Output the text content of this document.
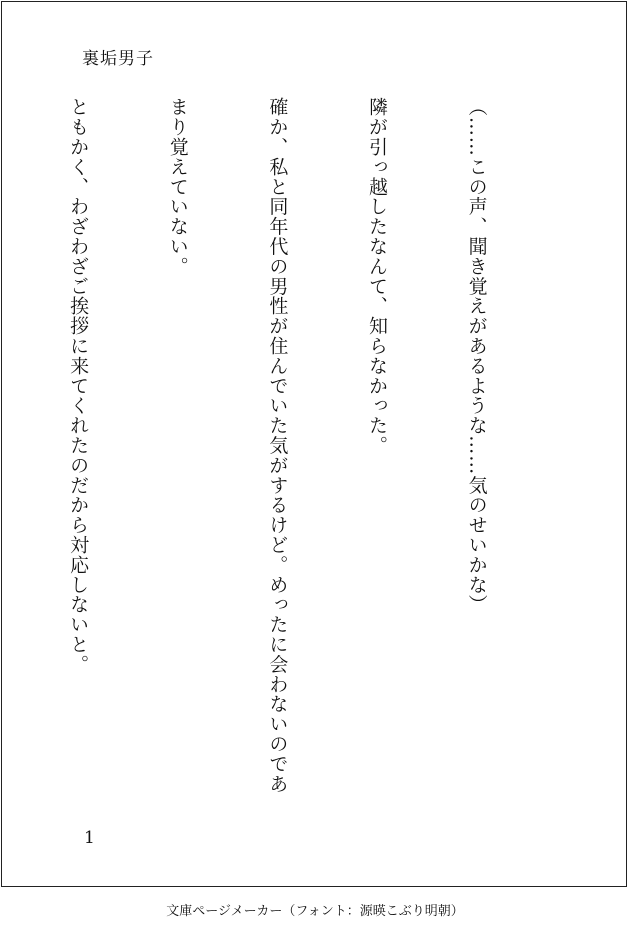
裏垢男子

（……この声、聞き覚えがあるような……気のせいかな）

隣が引っ越したなんて、知らなかった。

確か、私と同年代の男性が住んでいた気がするけど。めったに会わないのであ

まり覚えていない。

ともかく、わざわざご挨拶に来てくれたのだから対応しないと。

1
文庫ページメーカー（フォント：源暎こぶり明朝）
